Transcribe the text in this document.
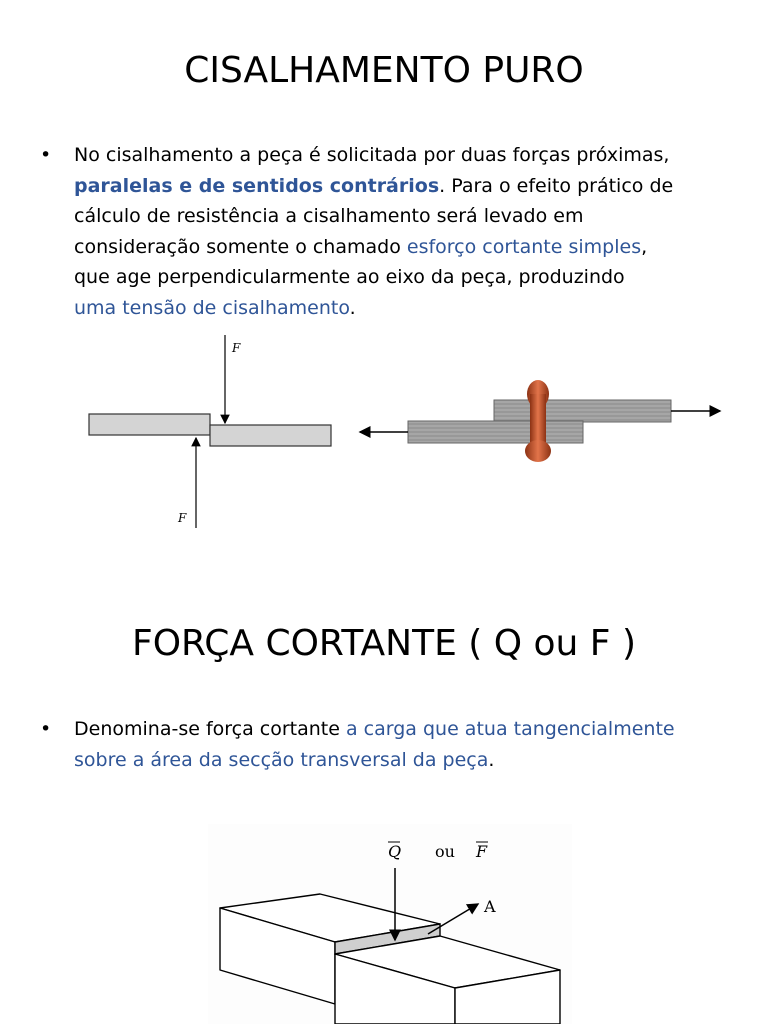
CISALHAMENTO PURO
• No cisalhamento a peça é solicitada por duas forças próximas,
paralelas e de sentidos contrários. Para o efeito prático de
cálculo de resistência a cisalhamento será levado em
consideração somente o chamado esforço cortante simples,
que age perpendicularmente ao eixo da peça, produzindo
uma tensão de cisalhamento.
F
F
FORÇA CORTANTE ( Q ou F )
• Denomina-se força cortante a carga que atua tangencialmente
sobre a área da secção transversal da peça.
Q ou F
A
